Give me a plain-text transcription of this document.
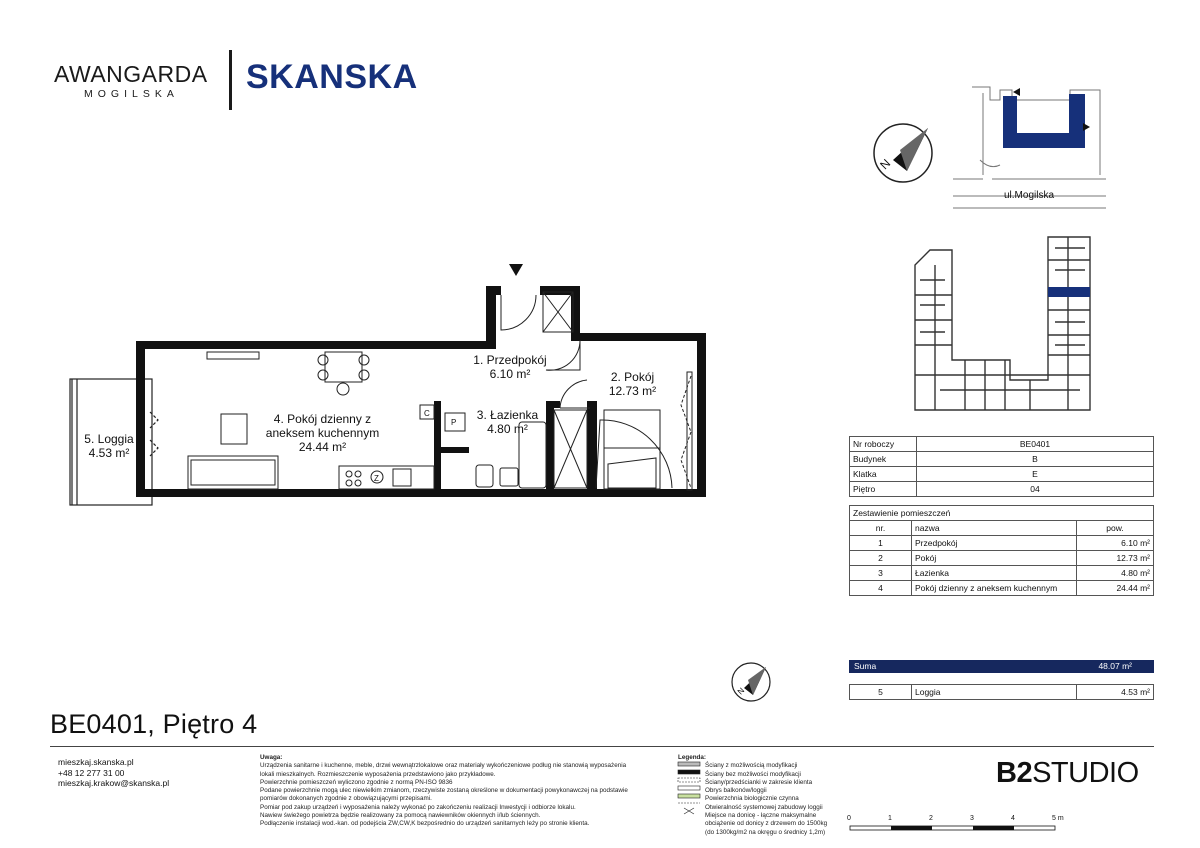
AWANGARDA
MOGILSKA SKANSKA
N
Z
C
P
N
1. Przedpokój
6.10 m²	2. Pokój
12.73 m²
3. Łazienka
4.80 m²
4. Pokój dzienny z
aneksem kuchennym
24.44 m²
5. Loggia
4.53 m²
ul.Mogilska
Nr roboczy	BE0401
Budynek	B
Klatka	E
Piętro	04
Zestawienie pomieszczeń		
nr.	nazwa	pow.
1	Przedpokój	6.10 m²
2	Pokój	12.73 m²
3	Łazienka	4.80 m²
4	Pokój dzienny z aneksem kuchennym	24.44 m²
Suma	48.07 m²
5	Loggia	4.53 m²
BE0401, Piętro 4
mieszkaj.skanska.pl
+48 12 277 31 00
mieszkaj.krakow@skanska.pl
Uwaga:
Urządzenia sanitarne i kuchenne, meble, drzwi wewnątrzlokalowe oraz materiały wykończeniowe podług nie stanowią wyposażenia
lokali mieszkalnych. Rozmieszczenie wyposażenia przedstawiono jako przykładowe.
Powierzchnie pomieszczeń wyliczono zgodnie z normą PN-ISO 9836
Podane powierzchnie mogą ulec niewielkim zmianom, rzeczywiste zostaną określone w dokumentacji powykonawczej na podstawie
pomiarów dokonanych zgodnie z obowiązującymi przepisami.
Pomiar pod zakup urządzeń i wyposażenia należy wykonać po zakończeniu realizacji Inwestycji i odbiorze lokalu.
Nawiew świeżego powietrza będzie realizowany za pomocą nawiewników okiennych i/lub ściennych.
Podłączenie instalacji wod.-kan. od podejścia ZW,CW,K bezpośrednio do urządzeń sanitarnych leży po stronie klienta.
Legenda:
Ściany z możliwością modyfikacji
Ściany bez możliwości modyfikacji
Ściany/przedścianki w zakresie klienta
Obrys balkonów/loggii
Powierzchnia biologicznie czynna
Otwieralność systemowej zabudowy loggii
Miejsce na donicę - łączne maksymalne
obciążenie od donicy z drzewem do 1500kg
(do 1300kg/m2 na okręgu o średnicy 1,2m)
0	1	2	3	4	5 m
B2STUDIO
